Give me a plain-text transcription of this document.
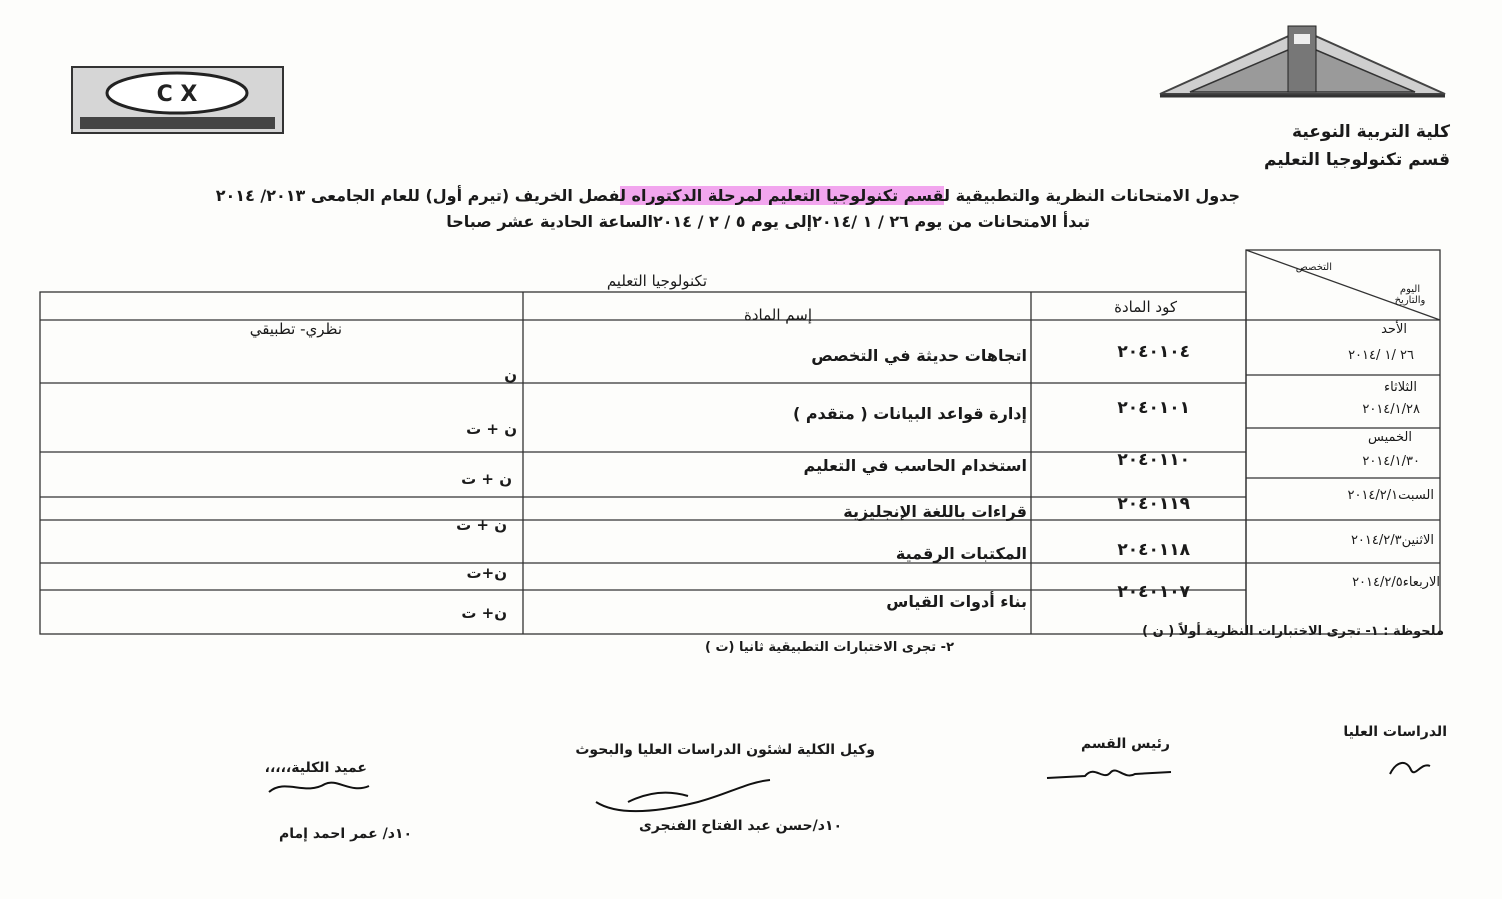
C X
كلية التربية النوعية
قسم تكنولوجيا التعليم
جدول الامتحانات النظرية والتطبيقية لقسم تكنولوجيا التعليم لمرحلة الدكتوراه لفصل الخريف (تيرم أول) للعام الجامعى ٢٠١٣/ ٢٠١٤
تبدأ الامتحانات من يوم ٢٦ / ١ /٢٠١٤إلى يوم ٥ / ٢ / ٢٠١٤الساعة الحادية عشر صباحا
التخصص
اليوم والتاريخ
تكنولوجيا التعليم
كود المادة
إسم المادة
نظري- تطبيقي	الأحد
٢٦ /١ /٢٠١٤
٢٠٤٠١٠٤
اتجاهات حديثة في التخصص
ن
الثلاثاء
٢٠١٤/١/٢٨
٢٠٤٠١٠١
إدارة قواعد البيانات ( متقدم )
ن + ت	الخميس
٢٠١٤/١/٣٠
٢٠٤٠١١٠
استخدام الحاسب في التعليم
ن + ت
السبت٢٠١٤/٢/١
٢٠٤٠١١٩
قراءات باللغة الإنجليزية
ن + ت
الاثنين٢٠١٤/٢/٣
٢٠٤٠١١٨
المكتبات الرقمية
ن+ت
الاربعاء٢٠١٤/٢/٥
٢٠٤٠١٠٧
بناء أدوات القياس
ن+ ت
ملحوظة : ١- تجرى الاختبارات النظرية أولاً ( ن )
٢- تجرى الاختبارات التطبيقية ثانيا (ت )
الدراسات العليا
رئيس القسم
وكيل الكلية لشئون الدراسات العليا والبحوث
١٠د/حسن عبد الفتاح الفنجرى
عميد الكلية،،،،،
١٠د/ عمر احمد إمام
